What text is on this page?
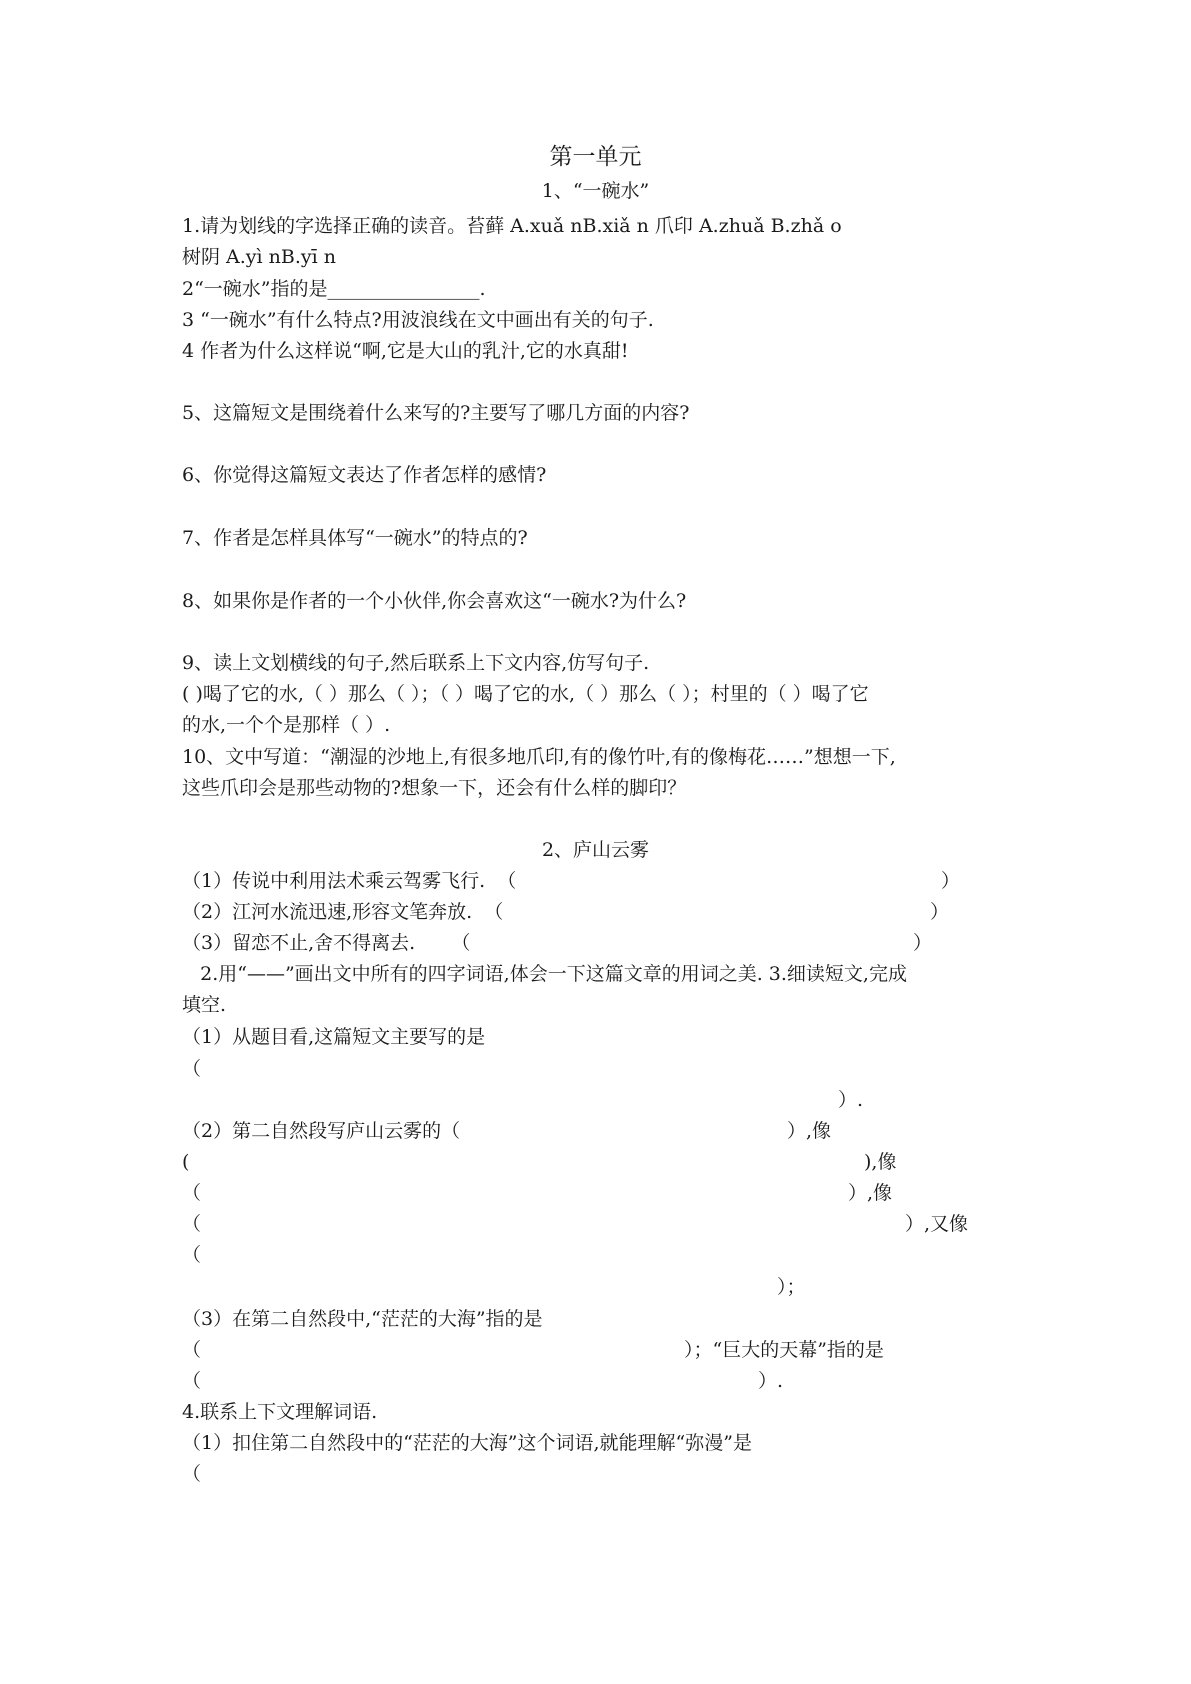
第一单元
1、“一碗水”
1.请为划线的字选择正确的读音。苔藓 A.xuǎ nB.xiǎ n 爪印 A.zhuǎ B.zhǎ o
树阴 A.yì nB.yī n
2“一碗水”指的是________________.
3 “一碗水”有什么特点?用波浪线在文中画出有关的句子.
4 作者为什么这样说“啊,它是大山的乳汁,它的水真甜!
5、这篇短文是围绕着什么来写的?主要写了哪几方面的内容?
6、你觉得这篇短文表达了作者怎样的感情?
7、作者是怎样具体写“一碗水”的特点的?
8、如果你是作者的一个小伙伴,你会喜欢这“一碗水?为什么?
9、读上文划横线的句子,然后联系上下文内容,仿写句子.
( )喝了它的水,（ ）那么（ ）；（ ）喝了它的水,（ ）那么（ ）；村里的（ ）喝了它
的水,一个个是那样（ ）.
10、文中写道：“潮湿的沙地上,有很多地爪印,有的像竹叶,有的像梅花……”想想一下,
这些爪印会是那些动物的?想象一下，还会有什么样的脚印？
2、庐山云雾
（1）传说中利用法术乘云驾雾飞行.  （	）
（2）江河水流迅速,形容文笔奔放.  （	）
（3）留恋不止,舍不得离去.      （	）
2.用“——”画出文中所有的四字词语,体会一下这篇文章的用词之美. 3.细读短文,完成
填空.
（1）从题目看,这篇短文主要写的是
（
）.
（2）第二自然段写庐山云雾的（	）,像
(	),像
（	）,像
（	）,又像
（
）；
（3）在第二自然段中,“茫茫的大海”指的是
（	）；“巨大的天幕”指的是
（	）.
4.联系上下文理解词语.
（1）扣住第二自然段中的“茫茫的大海”这个词语,就能理解“弥漫”是
（
